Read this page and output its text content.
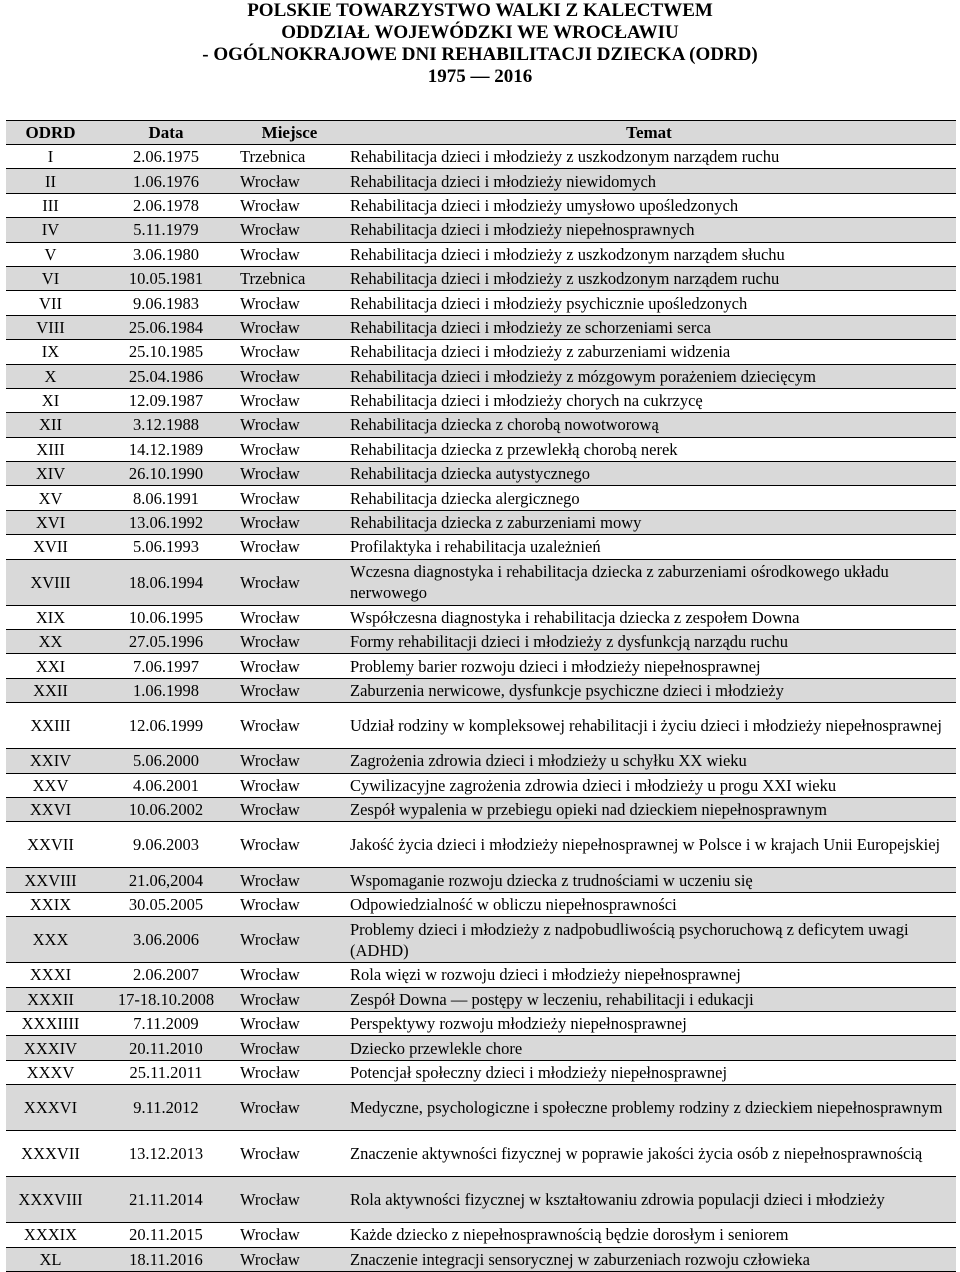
POLSKIE TOWARZYSTWO WALKI Z KALECTWEM
ODDZIAŁ WOJEWÓDZKI WE WROCŁAWIU
- OGÓLNOKRAJOWE DNI REHABILITACJI DZIECKA (ODRD)
1975 — 2016
ODRD	Data	Miejsce	Temat
I	2.06.1975	Trzebnica	Rehabilitacja dzieci i młodzieży z uszkodzonym narządem ruchu
II	1.06.1976	Wrocław	Rehabilitacja dzieci i młodzieży niewidomych
III	2.06.1978	Wrocław	Rehabilitacja dzieci i młodzieży umysłowo upośledzonych
IV	5.11.1979	Wrocław	Rehabilitacja dzieci i młodzieży niepełnosprawnych
V	3.06.1980	Wrocław	Rehabilitacja dzieci i młodzieży z uszkodzonym narządem słuchu
VI	10.05.1981	Trzebnica	Rehabilitacja dzieci i młodzieży z uszkodzonym narządem ruchu
VII	9.06.1983	Wrocław	Rehabilitacja dzieci i młodzieży psychicznie upośledzonych
VIII	25.06.1984	Wrocław	Rehabilitacja dzieci i młodzieży ze schorzeniami serca
IX	25.10.1985	Wrocław	Rehabilitacja dzieci i młodzieży z zaburzeniami widzenia
X	25.04.1986	Wrocław	Rehabilitacja dzieci i młodzieży z mózgowym porażeniem dziecięcym
XI	12.09.1987	Wrocław	Rehabilitacja dzieci i młodzieży chorych na cukrzycę
XII	3.12.1988	Wrocław	Rehabilitacja dziecka z chorobą nowotworową
XIII	14.12.1989	Wrocław	Rehabilitacja dziecka z przewlekłą chorobą nerek
XIV	26.10.1990	Wrocław	Rehabilitacja dziecka autystycznego
XV	8.06.1991	Wrocław	Rehabilitacja dziecka alergicznego
XVI	13.06.1992	Wrocław	Rehabilitacja dziecka z zaburzeniami mowy
XVII	5.06.1993	Wrocław	Profilaktyka i rehabilitacja uzależnień
XVIII	18.06.1994	Wrocław	Wczesna diagnostyka i rehabilitacja dziecka z zaburzeniami ośrodkowego układu nerwowego
XIX	10.06.1995	Wrocław	Współczesna diagnostyka i rehabilitacja dziecka z zespołem Downa
XX	27.05.1996	Wrocław	Formy rehabilitacji dzieci i młodzieży z dysfunkcją narządu ruchu
XXI	7.06.1997	Wrocław	Problemy barier rozwoju dzieci i młodzieży niepełnosprawnej
XXII	1.06.1998	Wrocław	Zaburzenia nerwicowe, dysfunkcje psychiczne dzieci i młodzieży
XXIII	12.06.1999	Wrocław	Udział rodziny w kompleksowej rehabilitacji i życiu dzieci i młodzieży niepełnosprawnej
XXIV	5.06.2000	Wrocław	Zagrożenia zdrowia dzieci i młodzieży u schyłku XX wieku
XXV	4.06.2001	Wrocław	Cywilizacyjne zagrożenia zdrowia dzieci i młodzieży u progu XXI wieku
XXVI	10.06.2002	Wrocław	Zespół wypalenia w przebiegu opieki nad dzieckiem niepełnosprawnym
XXVII	9.06.2003	Wrocław	Jakość życia dzieci i młodzieży niepełnosprawnej w Polsce i w krajach Unii Europejskiej
XXVIII	21.06,2004	Wrocław	Wspomaganie rozwoju dziecka z trudnościami w uczeniu się
XXIX	30.05.2005	Wrocław	Odpowiedzialność w obliczu niepełnosprawności
XXX	3.06.2006	Wrocław	Problemy dzieci i młodzieży z nadpobudliwością psychoruchową z deficytem uwagi (ADHD)
XXXI	2.06.2007	Wrocław	Rola więzi w rozwoju dzieci i młodzieży niepełnosprawnej
XXXII	17-18.10.2008	Wrocław	Zespół Downa — postępy w leczeniu, rehabilitacji i edukacji
XXXIIII	7.11.2009	Wrocław	Perspektywy rozwoju młodzieży niepełnosprawnej
XXXIV	20.11.2010	Wrocław	Dziecko przewlekle chore
XXXV	25.11.2011	Wrocław	Potencjał społeczny dzieci i młodzieży niepełnosprawnej
XXXVI	9.11.2012	Wrocław	Medyczne, psychologiczne i społeczne problemy rodziny z dzieckiem niepełnosprawnym
XXXVII	13.12.2013	Wrocław	Znaczenie aktywności fizycznej w poprawie jakości życia osób z niepełnosprawnością
XXXVIII	21.11.2014	Wrocław	Rola aktywności fizycznej w kształtowaniu zdrowia populacji dzieci i młodzieży
XXXIX	20.11.2015	Wrocław	Każde dziecko z niepełnosprawnością będzie dorosłym i seniorem
XL	18.11.2016	Wrocław	Znaczenie integracji sensorycznej w zaburzeniach rozwoju człowieka
